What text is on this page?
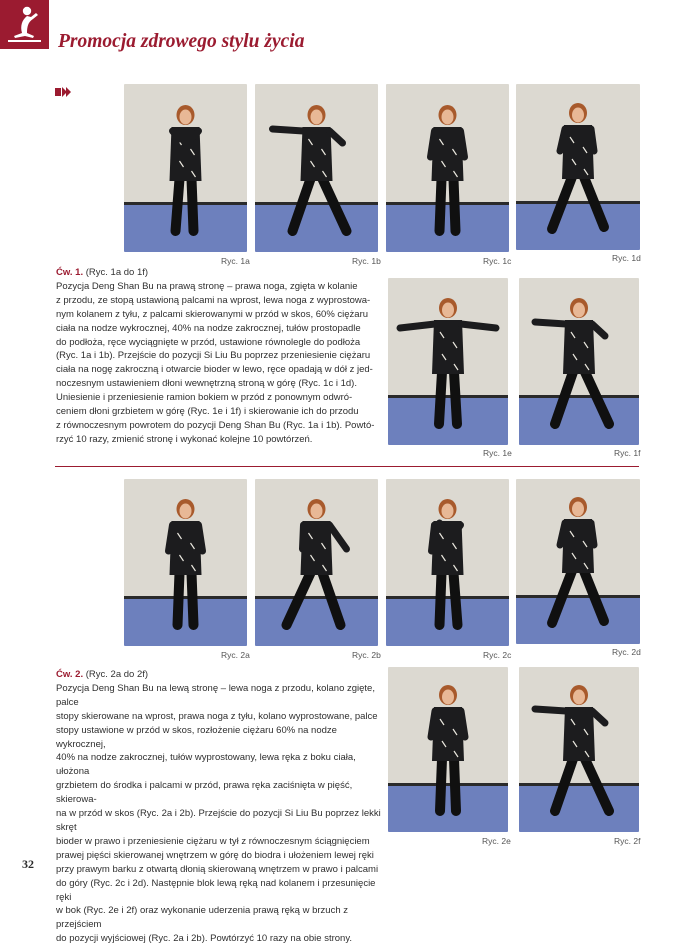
Promocja zdrowego stylu życia
Ryc. 1a	Ryc. 1b	Ryc. 1c	Ryc. 1d
Ryc. 1e	Ryc. 1f
Ryc. 2a	Ryc. 2b	Ryc. 2c	Ryc. 2d
Ryc. 2e	Ryc. 2f
Ćw. 1. (Ryc. 1a do 1f)
Pozycja Deng Shan Bu na prawą stronę – prawa noga, zgięta w kolanie
z przodu, ze stopą ustawioną palcami na wprost, lewa noga z wyprostowa-
nym kolanem z tyłu, z palcami skierowanymi w przód w skos, 60% ciężaru
ciała na nodze wykrocznej, 40% na nodze zakrocznej, tułów prostopadle
do podłoża, ręce wyciągnięte w przód, ustawione równolegle do podłoża
(Ryc. 1a i 1b). Przejście do pozycji Si Liu Bu poprzez przeniesienie ciężaru
ciała na nogę zakroczną i otwarcie bioder w lewo, ręce opadają w dół z jed-
noczesnym ustawieniem dłoni wewnętrzną stroną w górę (Ryc. 1c i 1d).
Uniesienie i przeniesienie ramion bokiem w przód z ponownym odwró-
ceniem dłoni grzbietem w górę (Ryc. 1e i 1f) i skierowanie ich do przodu
z równoczesnym powrotem do pozycji Deng Shan Bu (Ryc. 1a i 1b). Powtó-
rzyć 10 razy, zmienić stronę i wykonać kolejne 10 powtórzeń.
Ćw. 2. (Ryc. 2a do 2f)
Pozycja Deng Shan Bu na lewą stronę – lewa noga z przodu, kolano zgięte, palce
stopy skierowane na wprost, prawa noga z tyłu, kolano wyprostowane, palce
stopy ustawione w przód w skos, rozłożenie ciężaru 60% na nodze wykrocznej,
40% na nodze zakrocznej, tułów wyprostowany, lewa ręka z boku ciała, ułożona
grzbietem do środka i palcami w przód, prawa ręka zaciśnięta w pięść, skierowa-
na w przód w skos (Ryc. 2a i 2b). Przejście do pozycji Si Liu Bu poprzez lekki skręt
bioder w prawo i przeniesienie ciężaru w tył z równoczesnym ściągnięciem
prawej pięści skierowanej wnętrzem w górę do biodra i ułożeniem lewej ręki
przy prawym barku z otwartą dłonią skierowaną wnętrzem w prawo i palcami
do góry (Ryc. 2c i 2d). Następnie blok lewą ręką nad kolanem i przesunięcie ręki
w bok (Ryc. 2e i 2f) oraz wykonanie uderzenia prawą ręką w brzuch z przejściem
do pozycji wyjściowej (Ryc. 2a i 2b). Powtórzyć 10 razy na obie strony.
32
